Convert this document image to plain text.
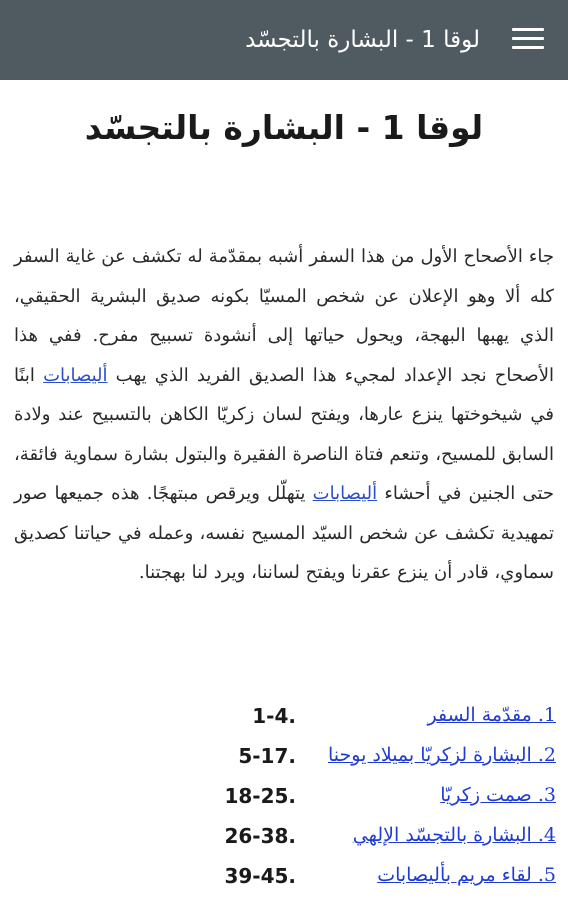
لوقا 1 - البشارة بالتجسّد
لوقا 1 - البشارة بالتجسّد

جاء الأصحاح الأول من هذا السفر أشبه بمقدّمة له تكشف عن غاية السفر كله ألا وهو الإعلان عن شخص المسيّا بكونه صديق البشرية الحقيقي، الذي يهبها البهجة، ويحول حياتها إلى أنشودة تسبيح مفرح. ففي هذا الأصحاح نجد الإعداد لمجيء هذا الصديق الفريد الذي يهب أليصابات ابنًا في شيخوختها ينزع عارها، ويفتح لسان زكريّا الكاهن بالتسبيح عند ولادة السابق للمسيح، وتنعم فتاة الناصرة الفقيرة والبتول بشارة سماوية فائقة، حتى الجنين في أحشاء أليصابات يتهلّل ويرقص مبتهجًا. هذه جميعها صور تمهيدية تكشف عن شخص السيّد المسيح نفسه، وعمله في حياتنا كصديق سماوي، قادر أن ينزع عقرنا ويفتح لساننا، ويرد لنا بهجتنا.

1. مقدّمة السفر
1-4.
2. البشارة لزكريّا بميلاد يوحنا
5-17.
3. صمت زكريّا
18-25.
4. البشارة بالتجسّد الإلهي
26-38.
5. لقاء مريم بأليصابات
39-45.
